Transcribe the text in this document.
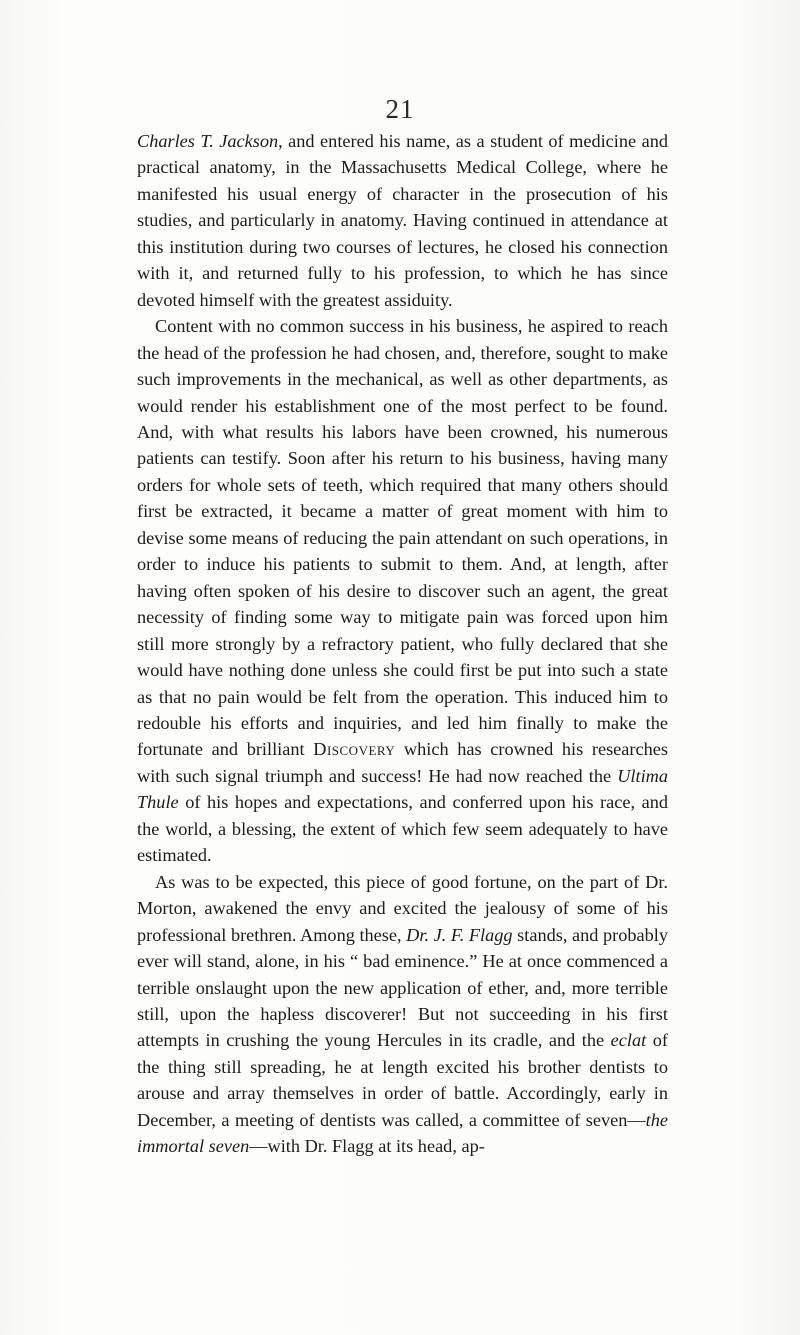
21

Charles T. Jackson, and entered his name, as a student of medicine and practical anatomy, in the Massachusetts Medical College, where he manifested his usual energy of character in the prosecution of his studies, and particularly in anatomy. Having continued in attendance at this institution during two courses of lectures, he closed his connection with it, and returned fully to his profession, to which he has since devoted himself with the greatest assiduity.

Content with no common success in his business, he aspired to reach the head of the profession he had chosen, and, therefore, sought to make such improvements in the mechanical, as well as other departments, as would render his establishment one of the most perfect to be found. And, with what results his labors have been crowned, his numerous patients can testify. Soon after his return to his business, having many orders for whole sets of teeth, which required that many others should first be extracted, it became a matter of great moment with him to devise some means of reducing the pain attendant on such operations, in order to induce his patients to submit to them. And, at length, after having often spoken of his desire to discover such an agent, the great necessity of finding some way to mitigate pain was forced upon him still more strongly by a refractory patient, who fully declared that she would have nothing done unless she could first be put into such a state as that no pain would be felt from the operation. This induced him to redouble his efforts and inquiries, and led him finally to make the fortunate and brilliant Discovery which has crowned his researches with such signal triumph and success! He had now reached the Ultima Thule of his hopes and expectations, and conferred upon his race, and the world, a blessing, the extent of which few seem adequately to have estimated.

As was to be expected, this piece of good fortune, on the part of Dr. Morton, awakened the envy and excited the jealousy of some of his professional brethren. Among these, Dr. J. F. Flagg stands, and probably ever will stand, alone, in his “ bad eminence.” He at once commenced a terrible onslaught upon the new application of ether, and, more terrible still, upon the hapless discoverer! But not succeeding in his first attempts in crushing the young Hercules in its cradle, and the eclat of the thing still spreading, he at length excited his brother dentists to arouse and array themselves in order of battle. Accordingly, early in December, a meeting of dentists was called, a committee of seven—the immortal seven—with Dr. Flagg at its head, ap-
